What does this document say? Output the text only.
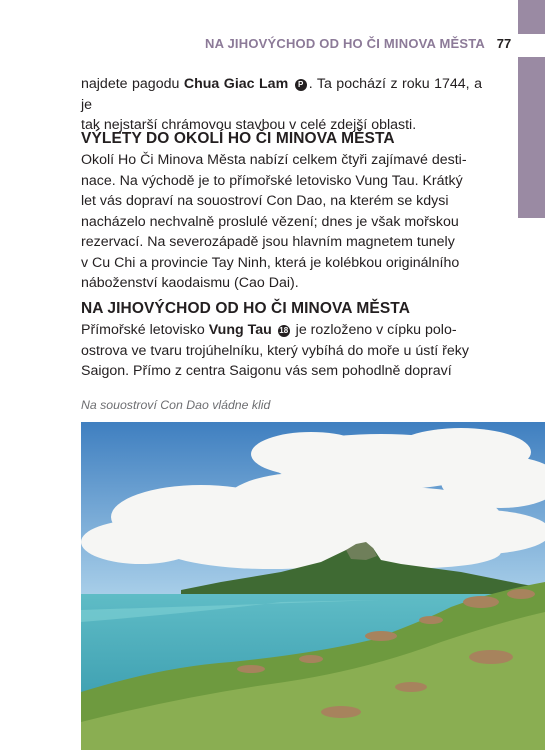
NA JIHOVÝCHOD OD HO ČI MINOVA MĚSTA 77
najdete pagodu Chua Giac Lam P . Ta pochází z roku 1744, a je
tak nejstarší chrámovou stavbou v celé zdejší oblasti.
VÝLETY DO OKOLÍ HO ČI MINOVA MĚSTA
Okolí Ho Či Minova Města nabízí celkem čtyři zajímavé desti-
nace. Na východě je to přímořské letovisko Vung Tau. Krátký
let vás dopraví na souostroví Con Dao, na kterém se kdysi
nacházelo nechvalně proslulé vězení; dnes je však mořskou
rezervací. Na severozápadě jsou hlavním magnetem tunely
v Cu Chi a provincie Tay Ninh, která je kolébkou originálního
náboženství kaodaismu (Cao Dai).
NA JIHOVÝCHOD OD HO ČI MINOVA MĚSTA
Přímořské letovisko Vung Tau 18 je rozloženo v cípku polo-
ostrova ve tvaru trojúhelníku, který vybíhá do moře u ústí řeky
Saigon. Přímo z centra Saigonu vás sem pohodlně dopraví
Na souostroví Con Dao vládne klid
